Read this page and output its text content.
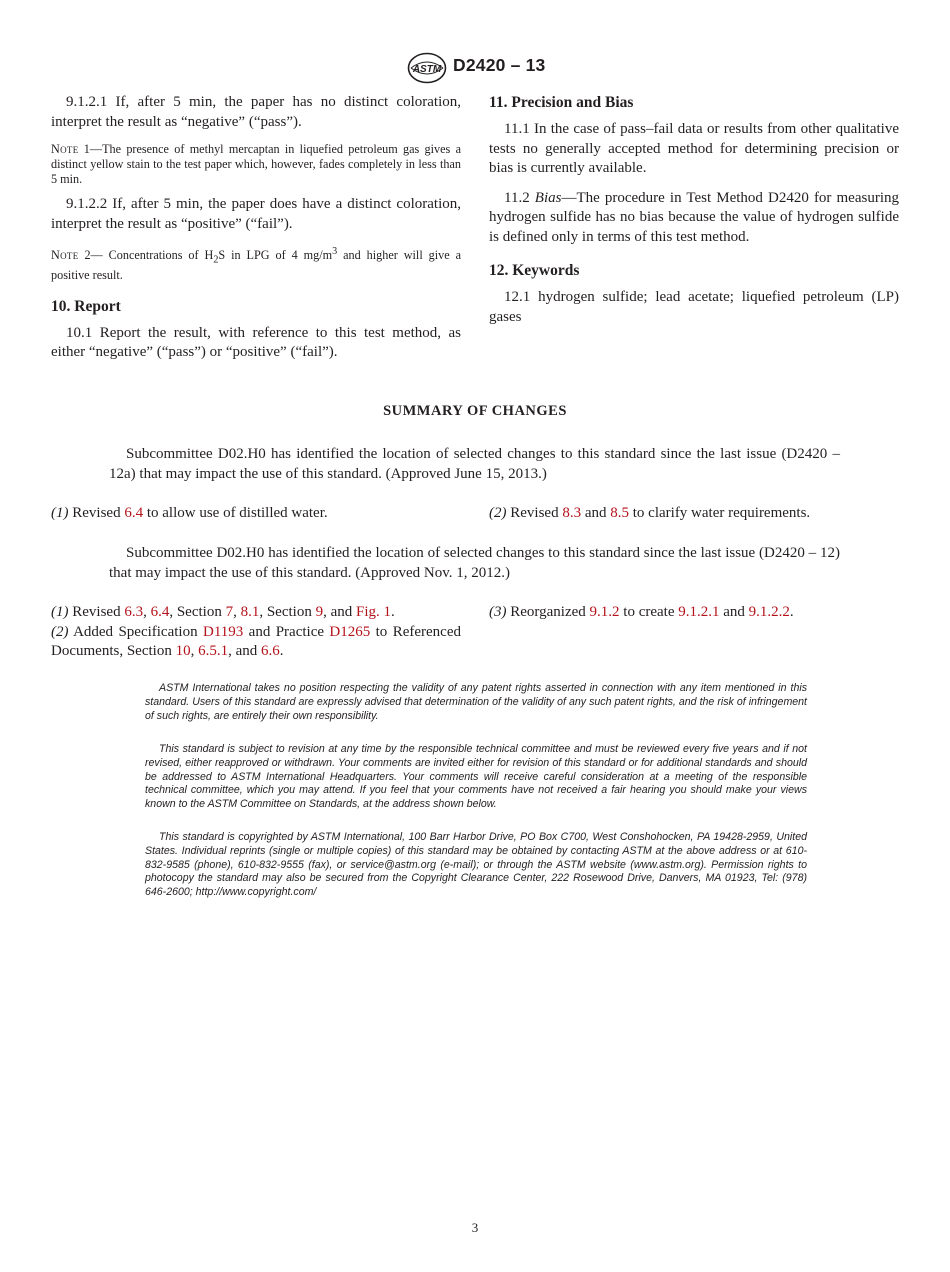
ASTM D2420 – 13

9.1.2.1 If, after 5 min, the paper has no distinct coloration, interpret the result as “negative” (“pass”).

Note 1—The presence of methyl mercaptan in liquefied petroleum gas gives a distinct yellow stain to the test paper which, however, fades completely in less than 5 min.

9.1.2.2 If, after 5 min, the paper does have a distinct coloration, interpret the result as “positive” (“fail”).

Note 2— Concentrations of $H_2S$ in LPG of 4 $mg/m^3$ and higher will give a positive result.

10. Report

10.1 Report the result, with reference to this test method, as either “negative” (“pass”) or “positive” (“fail”).

11. Precision and Bias

11.1 In the case of pass–fail data or results from other qualitative tests no generally accepted method for determining precision or bias is currently available.

11.2 Bias—The procedure in Test Method D2420 for measuring hydrogen sulfide has no bias because the value of hydrogen sulfide is defined only in terms of this test method.

12. Keywords

12.1 hydrogen sulfide; lead acetate; liquefied petroleum (LP) gases

SUMMARY OF CHANGES

Subcommittee D02.H0 has identified the location of selected changes to this standard since the last issue (D2420 – 12a) that may impact the use of this standard. (Approved June 15, 2013.)

(1) Revised 6.4 to allow use of distilled water.	(2) Revised 8.3 and 8.5 to clarify water requirements.

Subcommittee D02.H0 has identified the location of selected changes to this standard since the last issue (D2420 – 12) that may impact the use of this standard. (Approved Nov. 1, 2012.)

(1) Revised 6.3, 6.4, Section 7, 8.1, Section 9, and Fig. 1.
(2) Added Specification D1193 and Practice D1265 to Referenced Documents, Section 10, 6.5.1, and 6.6.
(3) Reorganized 9.1.2 to create 9.1.2.1 and 9.1.2.2.

ASTM International takes no position respecting the validity of any patent rights asserted in connection with any item mentioned in this standard. Users of this standard are expressly advised that determination of the validity of any such patent rights, and the risk of infringement of such rights, are entirely their own responsibility.

This standard is subject to revision at any time by the responsible technical committee and must be reviewed every five years and if not revised, either reapproved or withdrawn. Your comments are invited either for revision of this standard or for additional standards and should be addressed to ASTM International Headquarters. Your comments will receive careful consideration at a meeting of the responsible technical committee, which you may attend. If you feel that your comments have not received a fair hearing you should make your views known to the ASTM Committee on Standards, at the address shown below.

This standard is copyrighted by ASTM International, 100 Barr Harbor Drive, PO Box C700, West Conshohocken, PA 19428-2959, United States. Individual reprints (single or multiple copies) of this standard may be obtained by contacting ASTM at the above address or at 610-832-9585 (phone), 610-832-9555 (fax), or service@astm.org (e-mail); or through the ASTM website (www.astm.org). Permission rights to photocopy the standard may also be secured from the Copyright Clearance Center, 222 Rosewood Drive, Danvers, MA 01923, Tel: (978) 646-2600; http://www.copyright.com/

3
